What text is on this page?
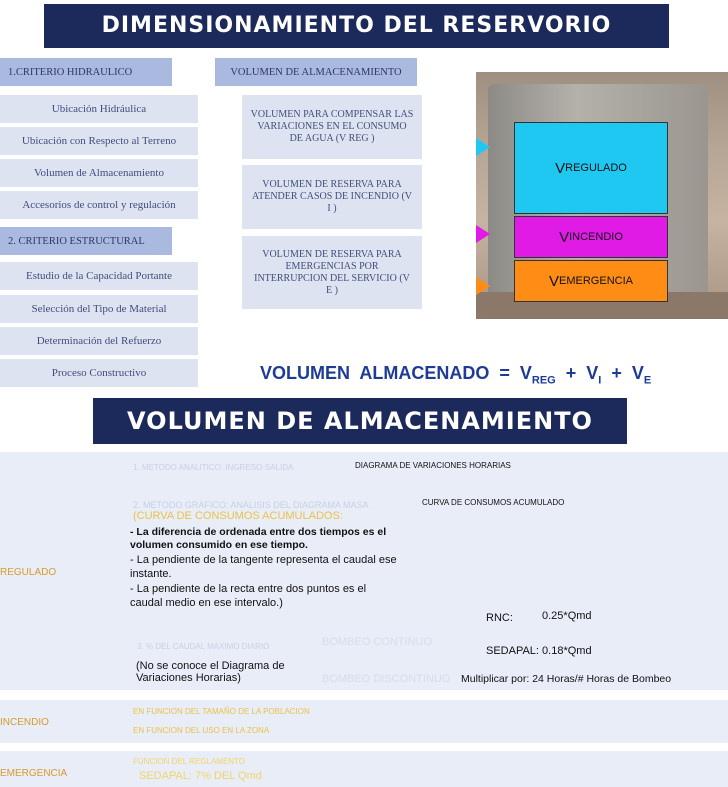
DIMENSIONAMIENTO DEL RESERVORIO
1.CRITERIO HIDRAULICO
Ubicación Hidráulica
Ubicación con Respecto al Terreno
Volumen de Almacenamiento
Accesorios de control y regulación
2. CRITERIO ESTRUCTURAL
Estudio de la Capacidad Portante
Selección del Tipo de Material
Determinación del Refuerzo
Proceso Constructivo
VOLUMEN DE ALMACENAMIENTO
VOLUMEN PARA COMPENSAR LAS VARIACIONES EN EL CONSUMO DE AGUA (V REG )
VOLUMEN DE RESERVA PARA ATENDER CASOS DE INCENDIO (V I )
VOLUMEN DE RESERVA PARA EMERGENCIAS POR INTERRUPCION DEL SERVICIO (V E )
V REGULADO
V INCENDIO
V EMERGENCIA

VOLUMEN  ALMACENADO  =  $V_{REG} + V_I + V_E$

VOLUMEN DE ALMACENAMIENTO
REGULADO
1. METODO ANALITICO: INGRESO-SALIDA	DIAGRAMA DE VARIACIONES HORARIAS
2. METODO GRAFICO: ANALISIS DEL DIAGRAMA MASA
(CURVA DE CONSUMOS ACUMULADOS:
CURVA DE CONSUMOS ACUMULADO
- La diferencia de ordenada entre dos tiempos es el volumen consumido en ese tiempo.
- La pendiente de la tangente representa el caudal ese instante.
- La pendiente de la recta entre dos puntos es el caudal medio en ese intervalo.)
RNC:	0.25*Qmd
3. % DEL CAUDAL MAXIMO DIARIO	BOMBEO CONTINUO
SEDAPAL: 0.18*Qmd
(No se conoce el Diagrama de Variaciones Horarias)	BOMBEO DISCONTINUO Multiplicar por: 24 Horas/# Horas de Bombeo
INCENDIO
EN FUNCION DEL TAMAÑO DE LA POBLACION
EN FUNCION DEL USO EN LA ZONA
EMERGENCIA
FUNCION DEL REGLAMENTO
SEDAPAL: 7% DEL Qmd
